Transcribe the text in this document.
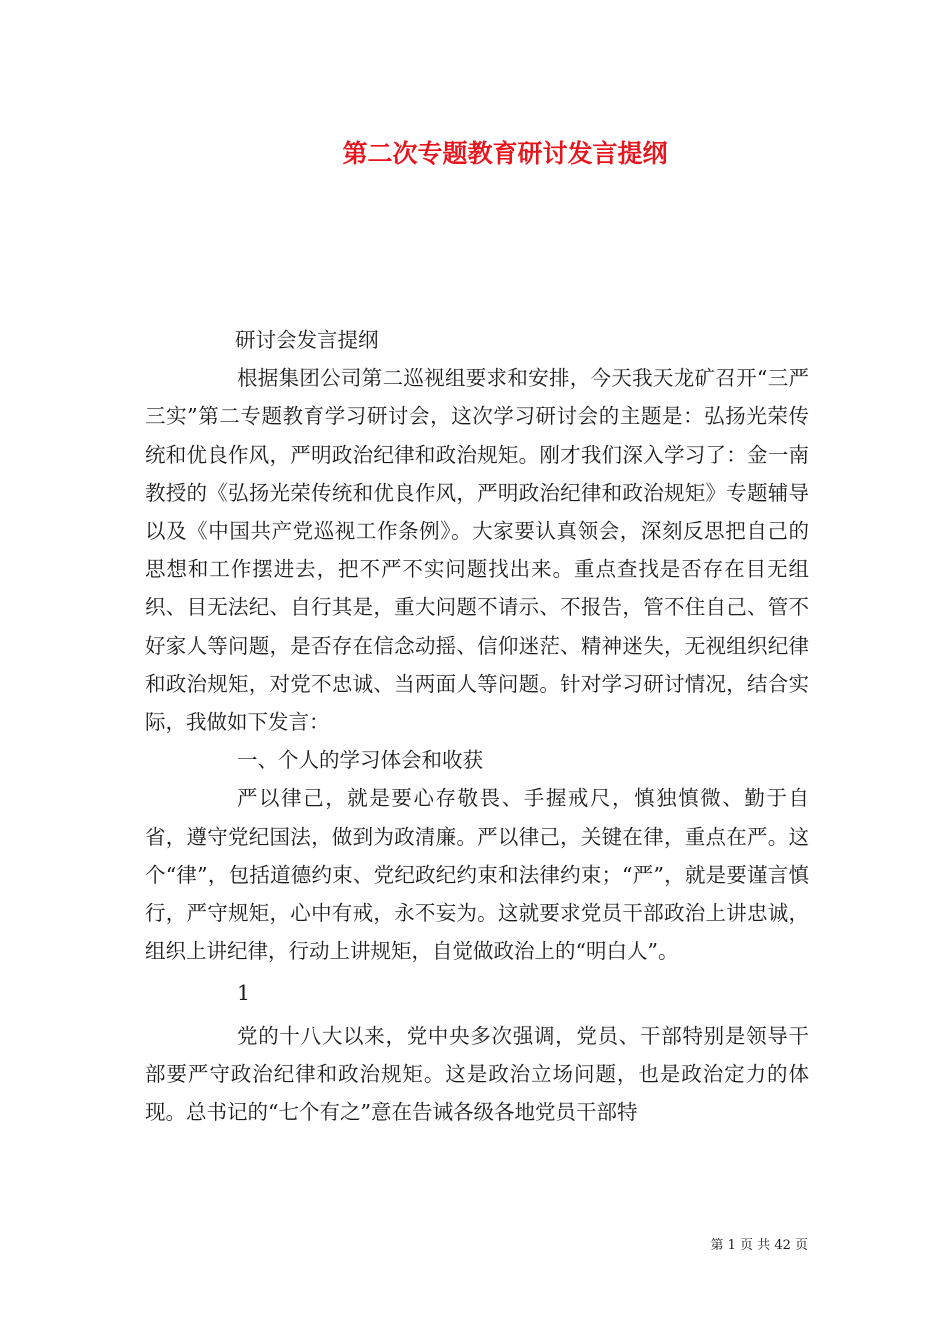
第二次专题教育研讨发言提纲

研讨会发言提纲

根据集团公司第二巡视组要求和安排，今天我天龙矿召开“三严三实”第二专题教育学习研讨会，这次学习研讨会的主题是：弘扬光荣传统和优良作风，严明政治纪律和政治规矩。刚才我们深入学习了：金一南教授的《弘扬光荣传统和优良作风，严明政治纪律和政治规矩》专题辅导以及《中国共产党巡视工作条例》。大家要认真领会，深刻反思把自己的思想和工作摆进去，把不严不实问题找出来。重点查找是否存在目无组织、目无法纪、自行其是，重大问题不请示、不报告，管不住自己、管不好家人等问题，是否存在信念动摇、信仰迷茫、精神迷失，无视组织纪律和政治规矩，对党不忠诚、当两面人等问题。针对学习研讨情况，结合实际，我做如下发言：

一、个人的学习体会和收获

严以律己，就是要心存敬畏、手握戒尺，慎独慎微、勤于自省，遵守党纪国法，做到为政清廉。严以律己，关键在律，重点在严。这个“律”，包括道德约束、党纪政纪约束和法律约束；“严”，就是要谨言慎行，严守规矩，心中有戒，永不妄为。这就要求党员干部政治上讲忠诚，组织上讲纪律，行动上讲规矩，自觉做政治上的“明白人”。

1

党的十八大以来，党中央多次强调，党员、干部特别是领导干部要严守政治纪律和政治规矩。这是政治立场问题，也是政治定力的体现。总书记的“七个有之”意在告诫各级各地党员干部特

第 1 页 共 42 页
